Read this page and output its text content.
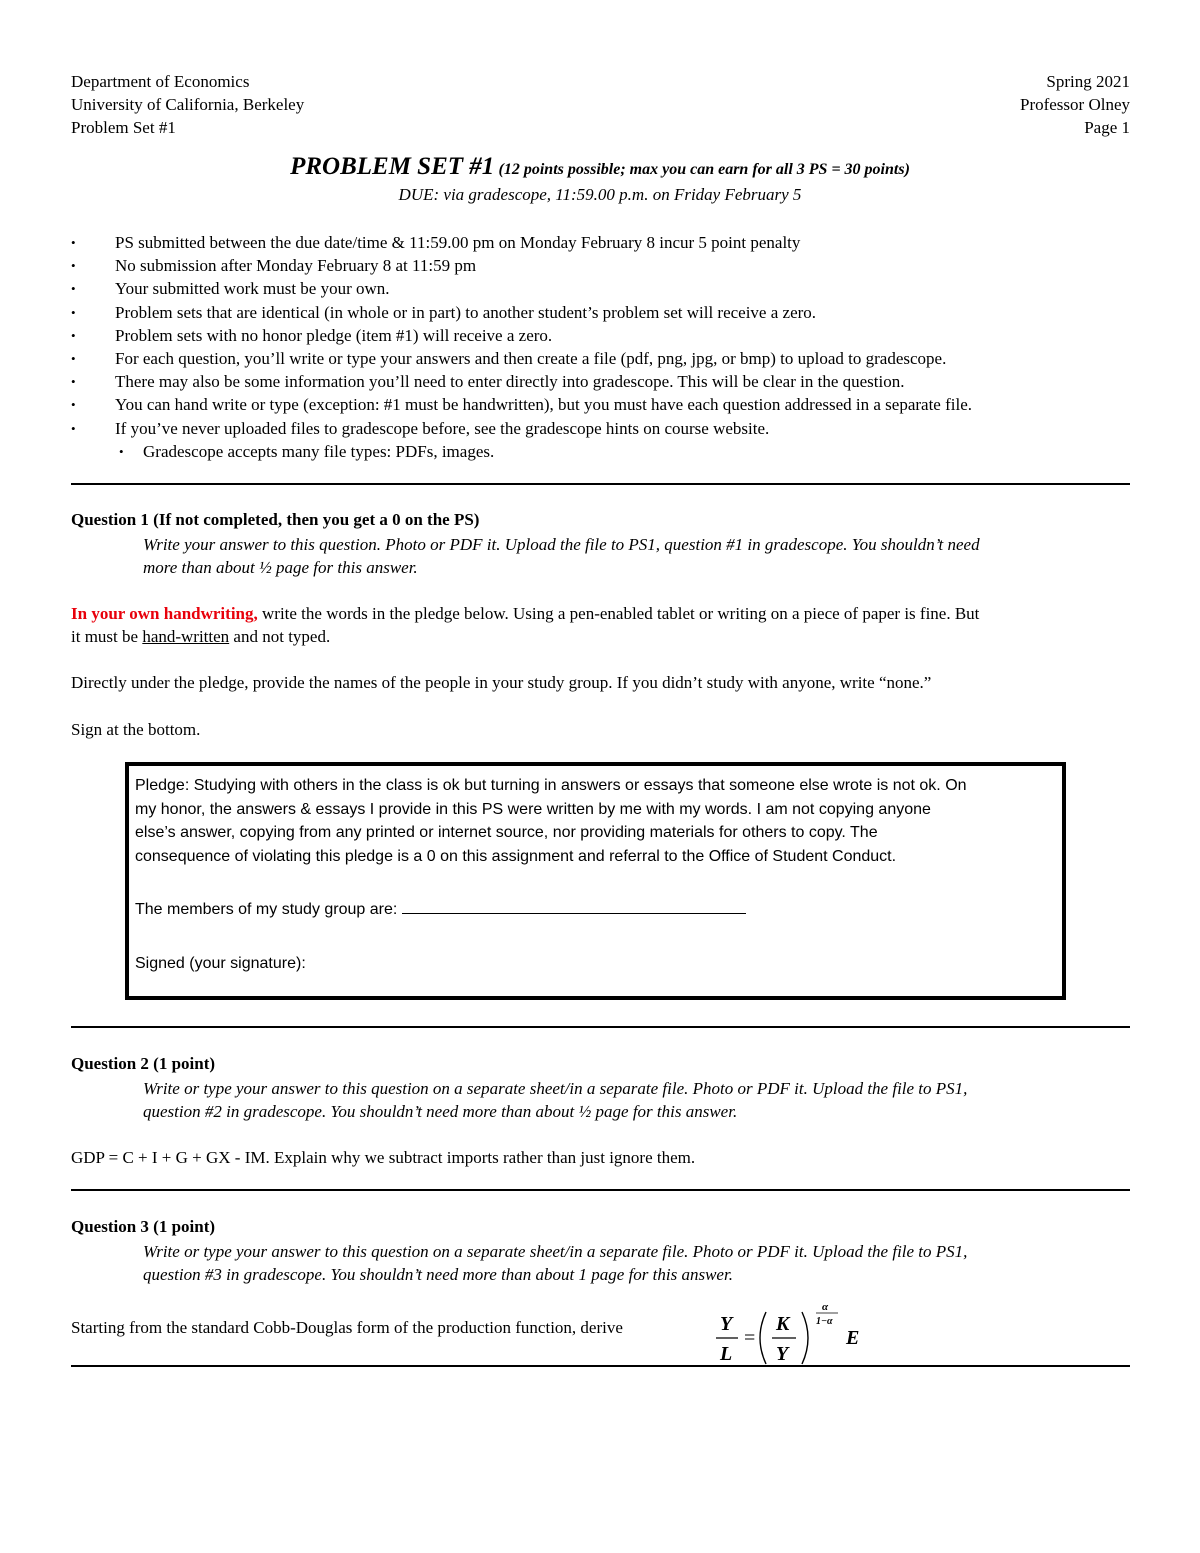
Department of Economics	Spring 2021
University of California, Berkeley	Professor Olney
Problem Set #1	Page 1
PROBLEM SET #1 (12 points possible; max you can earn for all 3 PS = 30 points)
DUE: via gradescope, 11:59.00 p.m. on Friday February 5
• PS submitted between the due date/time & 11:59.00 pm on Monday February 8 incur 5 point penalty
• No submission after Monday February 8 at 11:59 pm
• Your submitted work must be your own.
• Problem sets that are identical (in whole or in part) to another student’s problem set will receive a zero.
• Problem sets with no honor pledge (item #1) will receive a zero.
• For each question, you’ll write or type your answers and then create a file (pdf, png, jpg, or bmp) to upload to gradescope.
• There may also be some information you’ll need to enter directly into gradescope. This will be clear in the question.
• You can hand write or type (exception: #1 must be handwritten), but you must have each question addressed in a separate file.
• If you’ve never uploaded files to gradescope before, see the gradescope hints on course website.
• Gradescope accepts many file types: PDFs, images.
Question 1 (If not completed, then you get a 0 on the PS)
Write your answer to this question. Photo or PDF it. Upload the file to PS1, question #1 in gradescope. You shouldn’t need
more than about ½ page for this answer.
In your own handwriting, write the words in the pledge below. Using a pen-enabled tablet or writing on a piece of paper is fine. But
it must be hand-written and not typed.
Directly under the pledge, provide the names of the people in your study group. If you didn’t study with anyone, write “none.”
Sign at the bottom.
Pledge: Studying with others in the class is ok but turning in answers or essays that someone else wrote is not ok. On
my honor, the answers & essays I provide in this PS were written by me with my words. I am not copying anyone
else’s answer, copying from any printed or internet source, nor providing materials for others to copy. The
consequence of violating this pledge is a 0 on this assignment and referral to the Office of Student Conduct.
The members of my study group are:
Signed (your signature):
Question 2 (1 point)
Write or type your answer to this question on a separate sheet/in a separate file. Photo or PDF it. Upload the file to PS1,
question #2 in gradescope. You shouldn’t need more than about ½ page for this answer.
GDP = C + I + G + GX - IM. Explain why we subtract imports rather than just ignore them.
Question 3 (1 point)
Write or type your answer to this question on a separate sheet/in a separate file. Photo or PDF it. Upload the file to PS1,
question #3 in gradescope. You shouldn’t need more than about 1 page for this answer.
Starting from the standard Cobb-Douglas form of the production function, derive	Y
L
=
K
Y
α
1−α
E
